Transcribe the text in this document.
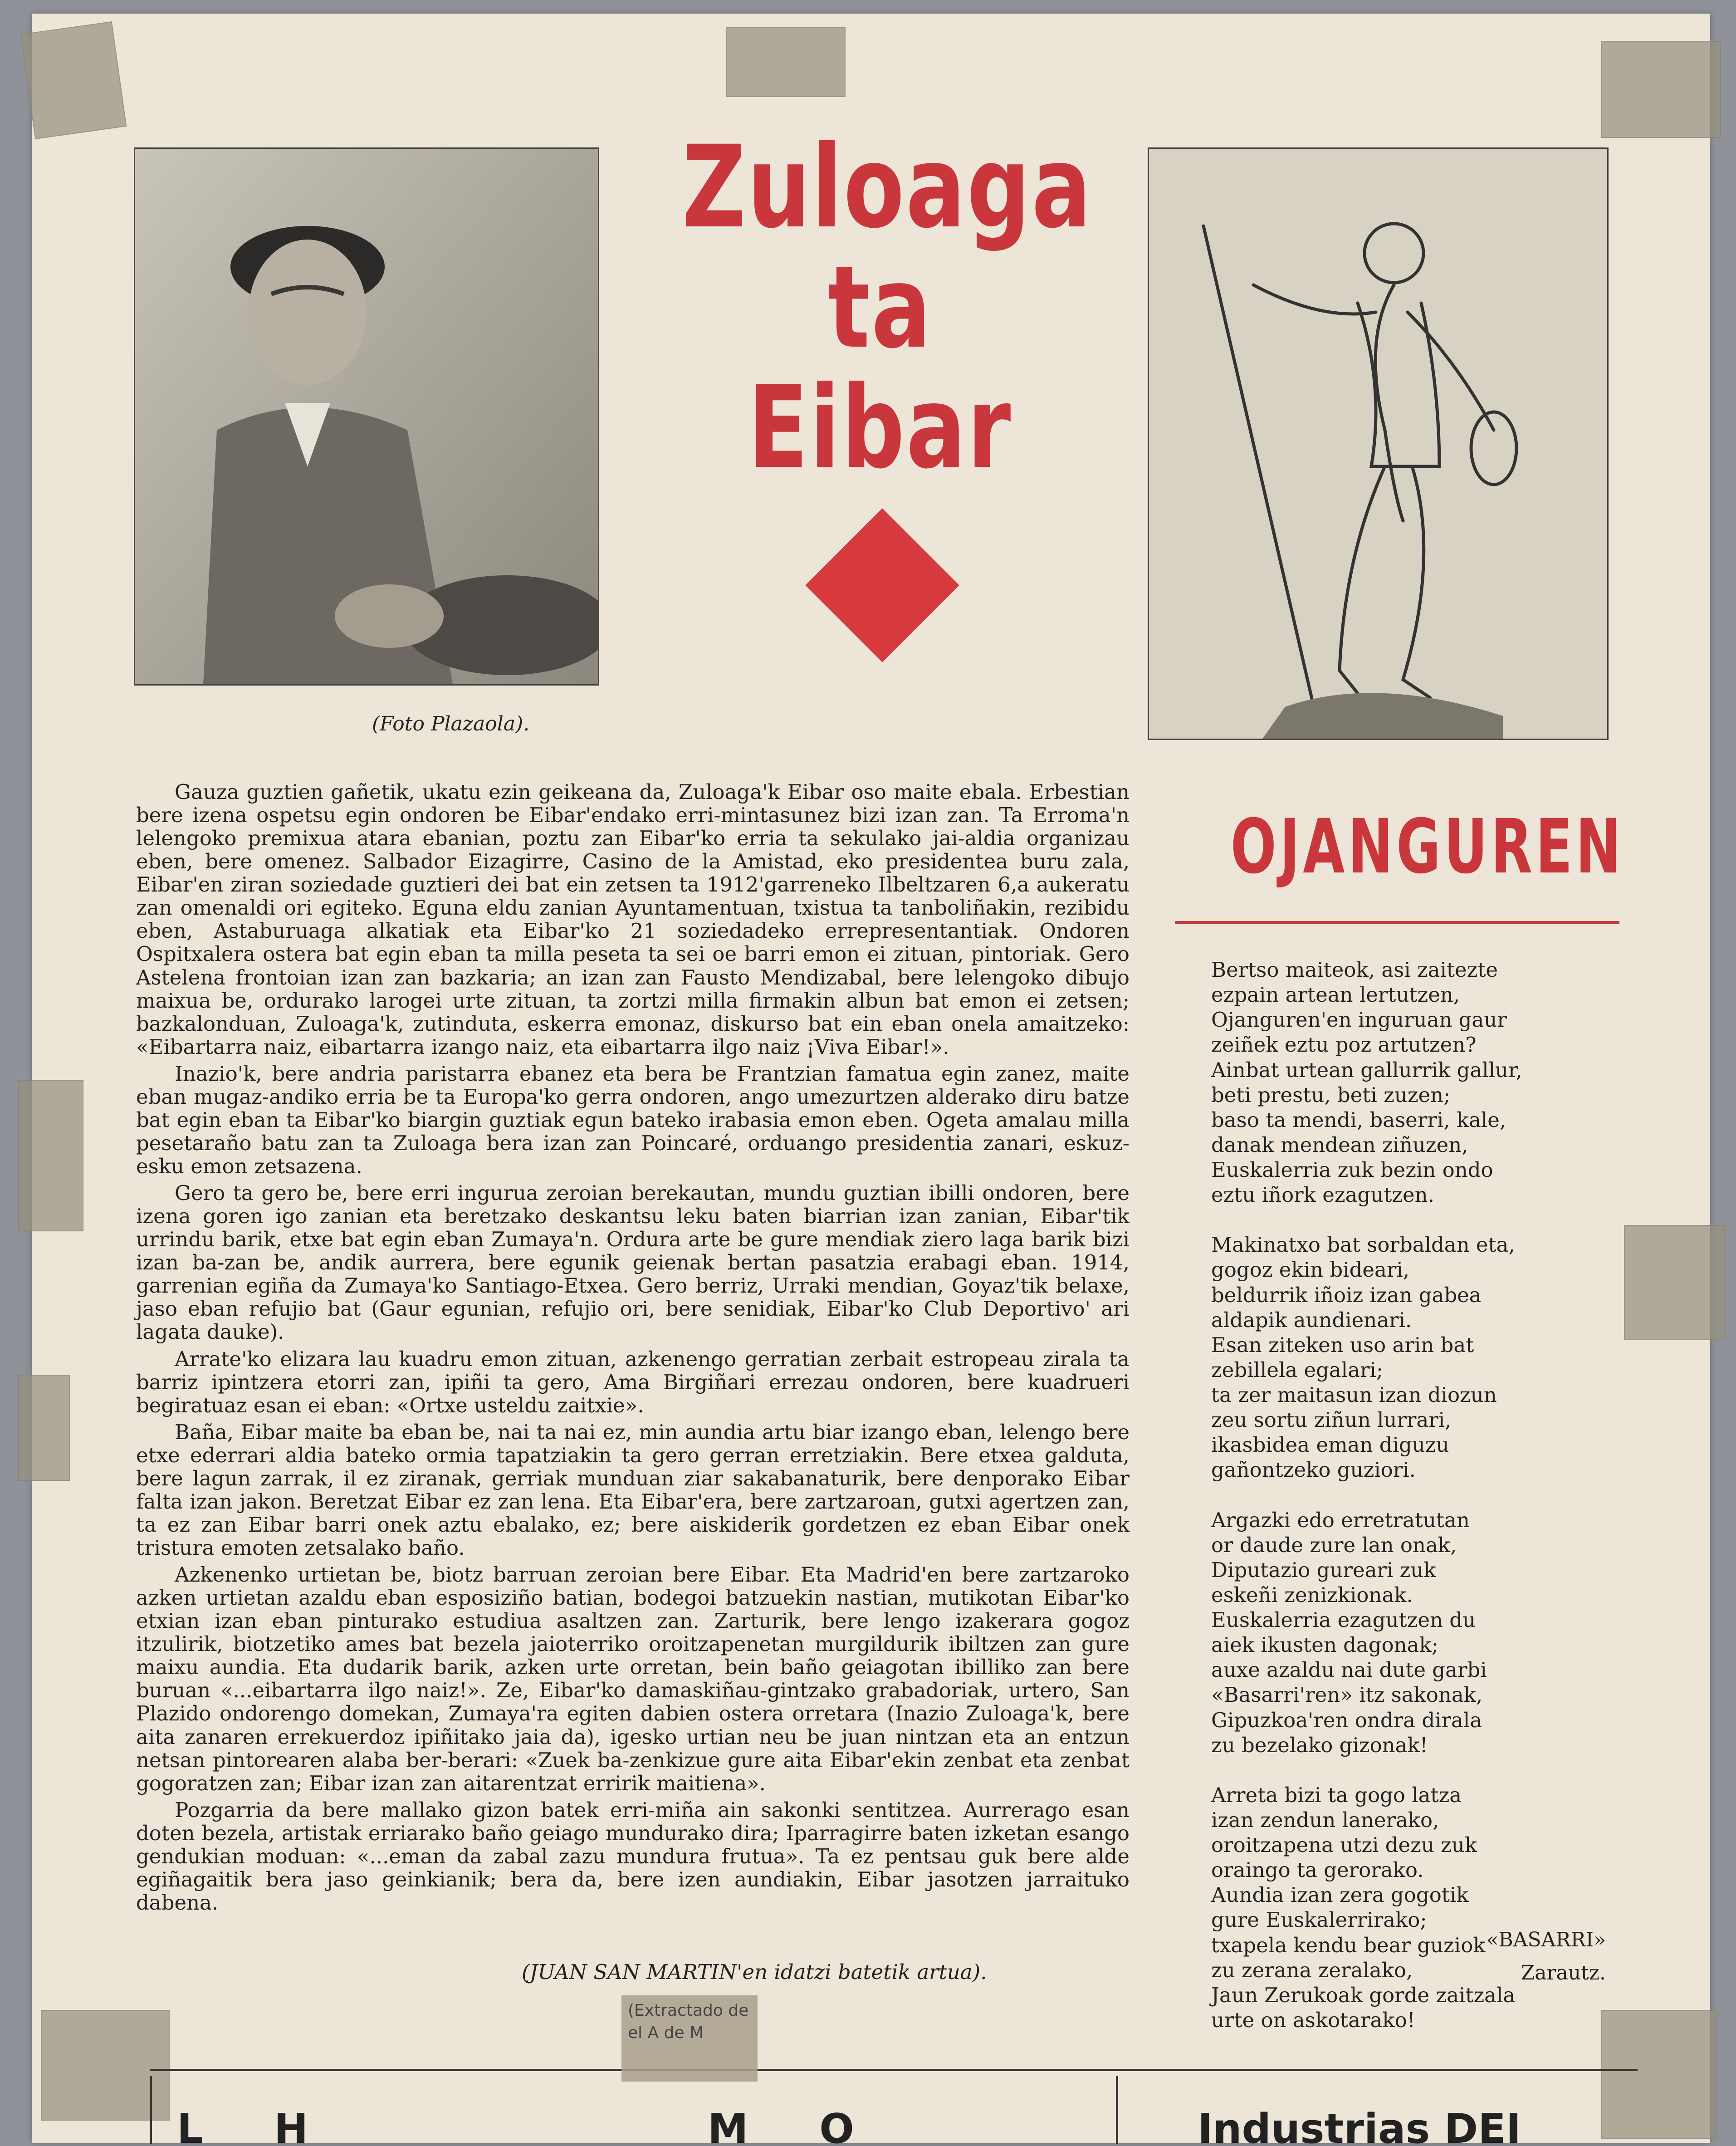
Zuloaga
ta Eibar
(Foto Plazaola).

Gauza guztien gañetik, ukatu ezin geikeana da, Zuloaga'k Eibar oso maite ebala. Erbestian bere izena ospetsu egin ondoren be Eibar'endako erri-mintasunez bizi izan zan. Ta Erroma'n lelengoko premixua atara ebanian, poztu zan Eibar'ko erria ta sekulako jai-aldia organizau eben, bere omenez. Salbador Eizagirre, Casino de la Amistad, eko presidentea buru zala, Eibar'en ziran soziedade guztieri dei bat ein zetsen ta 1912'garreneko Ilbeltzaren 6,a aukeratu zan omenaldi ori egiteko. Eguna eldu zanian Ayuntamentuan, txistua ta tanboliñakin, rezibidu eben, Astaburuaga alkatiak eta Eibar'ko 21 soziedadeko errepresentantiak. Ondoren Ospitxalera ostera bat egin eban ta milla peseta ta sei oe barri emon ei zituan, pintoriak. Gero Astelena frontoian izan zan bazkaria; an izan zan Fausto Mendizabal, bere lelengoko dibujo maixua be, ordurako larogei urte zituan, ta zortzi milla firmakin albun bat emon ei zetsen; bazkalonduan, Zuloaga'k, zutinduta, eskerra emonaz, diskurso bat ein eban onela amaitzeko: «Eibartarra naiz, eibartarra izango naiz, eta eibartarra ilgo naiz ¡Viva Eibar!».

Inazio'k, bere andria paristarra ebanez eta bera be Frantzian famatua egin zanez, maite eban mugaz-andiko erria be ta Europa'ko gerra ondoren, ango umezurtzen alderako diru batze bat egin eban ta Eibar'ko biargin guztiak egun bateko irabasia emon eben. Ogeta amalau milla pesetaraño batu zan ta Zuloaga bera izan zan Poincaré, orduango presidentia zanari, eskuz-esku emon zetsazena.

Gero ta gero be, bere erri ingurua zeroian berekautan, mundu guztian ibilli ondoren, bere izena goren igo zanian eta beretzako deskantsu leku baten biarrian izan zanian, Eibar'tik urrindu barik, etxe bat egin eban Zumaya'n. Ordura arte be gure mendiak ziero laga barik bizi izan ba-zan be, andik aurrera, bere egunik geienak bertan pasatzia erabagi eban. 1914, garrenian egiña da Zumaya'ko Santiago-Etxea. Gero berriz, Urraki mendian, Goyaz'tik belaxe, jaso eban refujio bat (Gaur egunian, refujio ori, bere senidiak, Eibar'ko Club Deportivo' ari lagata dauke).

Arrate'ko elizara lau kuadru emon zituan, azkenengo gerratian zerbait estropeau zirala ta barriz ipintzera etorri zan, ipiñi ta gero, Ama Birgiñari errezau ondoren, bere kuadrueri begiratuaz esan ei eban: «Ortxe usteldu zaitxie».

Baña, Eibar maite ba eban be, nai ta nai ez, min aundia artu biar izango eban, lelengo bere etxe ederrari aldia bateko ormia tapatziakin ta gero gerran erretziakin. Bere etxea galduta, bere lagun zarrak, il ez ziranak, gerriak munduan ziar sakabanaturik, bere denporako Eibar falta izan jakon. Beretzat Eibar ez zan lena. Eta Eibar'era, bere zartzaroan, gutxi agertzen zan, ta ez zan Eibar barri onek aztu ebalako, ez; bere aiskiderik gordetzen ez eban Eibar onek tristura emoten zetsalako baño.

Azkenenko urtietan be, biotz barruan zeroian bere Eibar. Eta Madrid'en bere zartzaroko azken urtietan azaldu eban esposiziño batian, bodegoi batzuekin nastian, mutikotan Eibar'ko etxian izan eban pinturako estudiua asaltzen zan. Zarturik, bere lengo izakerara gogoz itzulirik, biotzetiko ames bat bezela jaioterriko oroitzapenetan murgildurik ibiltzen zan gure maixu aundia. Eta dudarik barik, azken urte orretan, bein baño geiagotan ibilliko zan bere buruan «...eibartarra ilgo naiz!». Ze, Eibar'ko damaskiñau-gintzako grabadoriak, urtero, San Plazido ondorengo domekan, Zumaya'ra egiten dabien ostera orretara (Inazio Zuloaga'k, bere aita zanaren errekuerdoz ipiñitako jaia da), igesko urtian neu be juan nintzan eta an entzun netsan pintorearen alaba ber-berari: «Zuek ba-zenkizue gure aita Eibar'ekin zenbat eta zenbat gogoratzen zan; Eibar izan zan aitarentzat erririk maitiena».

Pozgarria da bere mallako gizon batek erri-miña ain sakonki sentitzea. Aurrerago esan doten bezela, artistak erriarako baño geiago mundurako dira; Iparragirre baten izketan esango gendukian moduan: «...eman da zabal zazu mundura frutua». Ta ez pentsau guk bere alde egiñagaitik bera jaso geinkianik; bera da, bere izen aundiakin, Eibar jasotzen jarraituko dabena.

(JUAN SAN MARTIN'en idatzi batetik artua).
OJANGUREN
Bertso maiteok, asi zaitezte
ezpain artean lertutzen,
Ojanguren'en inguruan gaur
zeiñek eztu poz artutzen?
Ainbat urtean gallurrik gallur,
beti prestu, beti zuzen;
baso ta mendi, baserri, kale,
danak mendean ziñuzen,
Euskalerria zuk bezin ondo
eztu iñork ezagutzen.
Makinatxo bat sorbaldan eta,
gogoz ekin bideari,
beldurrik iñoiz izan gabea
aldapik aundienari.
Esan ziteken uso arin bat
zebillela egalari;
ta zer maitasun izan diozun
zeu sortu ziñun lurrari,
ikasbidea eman diguzu
gañontzeko guziori.
Argazki edo erretratutan
or daude zure lan onak,
Diputazio gureari zuk
eskeñi zenizkionak.
Euskalerria ezagutzen du
aiek ikusten dagonak;
auxe azaldu nai dute garbi
«Basarri'ren» itz sakonak,
Gipuzkoa'ren ondra dirala
zu bezelako gizonak!
Arreta bizi ta gogo latza
izan zendun lanerako,
oroitzapena utzi dezu zuk
oraingo ta gerorako.
Aundia izan zera gogotik
gure Euskalerrirako;
txapela kendu bear guziok
zu zerana zeralako,
Jaun Zerukoak gorde zaitzala
urte on askotarako!
«BASARRI»
Zarautz.
L     H	M     O	Industrias DEI
(Extractado de
el A de M
